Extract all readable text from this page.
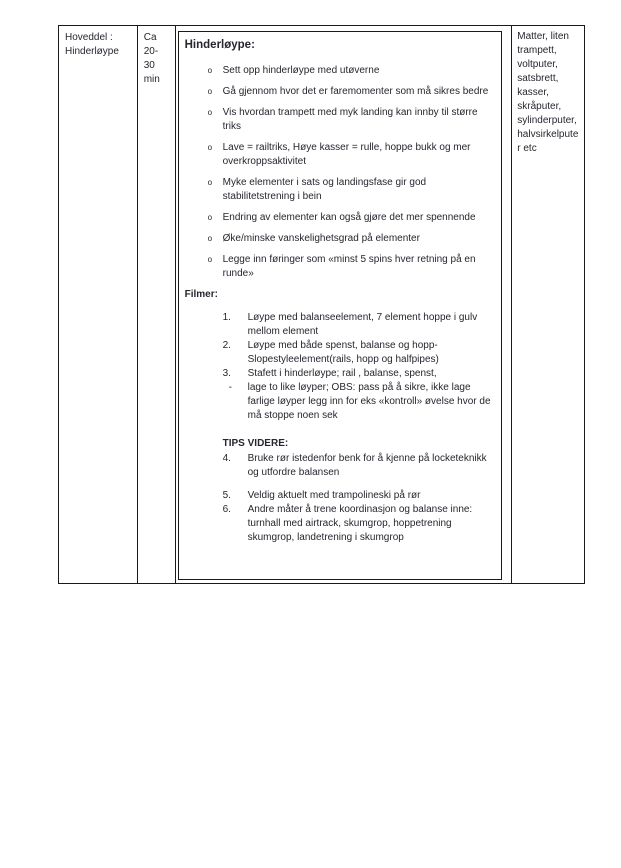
Hoveddel :
Hinderløype
Ca 20-30 min
Hinderløype:
o Sett opp hinderløype med utøverne
o Gå gjennom hvor det er faremomenter som må sikres bedre
o Vis hvordan trampett med myk landing kan innby til større triks
o Lave = railtriks, Høye kasser = rulle, hoppe bukk og mer overkroppsaktivitet
o Myke elementer i sats og landingsfase gir god stabilitetstrening i bein
o Endring av elementer kan også gjøre det mer spennende
o Øke/minske vanskelighetsgrad på elementer
o Legge inn føringer som «minst 5 spins hver retning på en runde»
Filmer:
1. Løype med balanseelement, 7 element hoppe i gulv mellom element
2. Løype med både spenst, balanse og hopp-Slopestyleelement(rails, hopp og halfpipes)
3. Stafett i hinderløype; rail , balanse, spenst,
- lage to like løyper; OBS: pass på å sikre, ikke lage farlige løyper legg inn for eks «kontroll» øvelse hvor de må stoppe noen sek
TIPS VIDERE:
4. Bruke rør istedenfor benk for å kjenne på locketeknikk og utfordre balansen
5. Veldig aktuelt med trampolineski på rør
6. Andre måter å trene koordinasjon og balanse inne: turnhall med airtrack, skumgrop, hoppetrening skumgrop, landetrening i skumgrop
Matter, liten trampett, voltputer, satsbrett, kasser, skråputer, sylinderputer, halvsirkelputer etc
